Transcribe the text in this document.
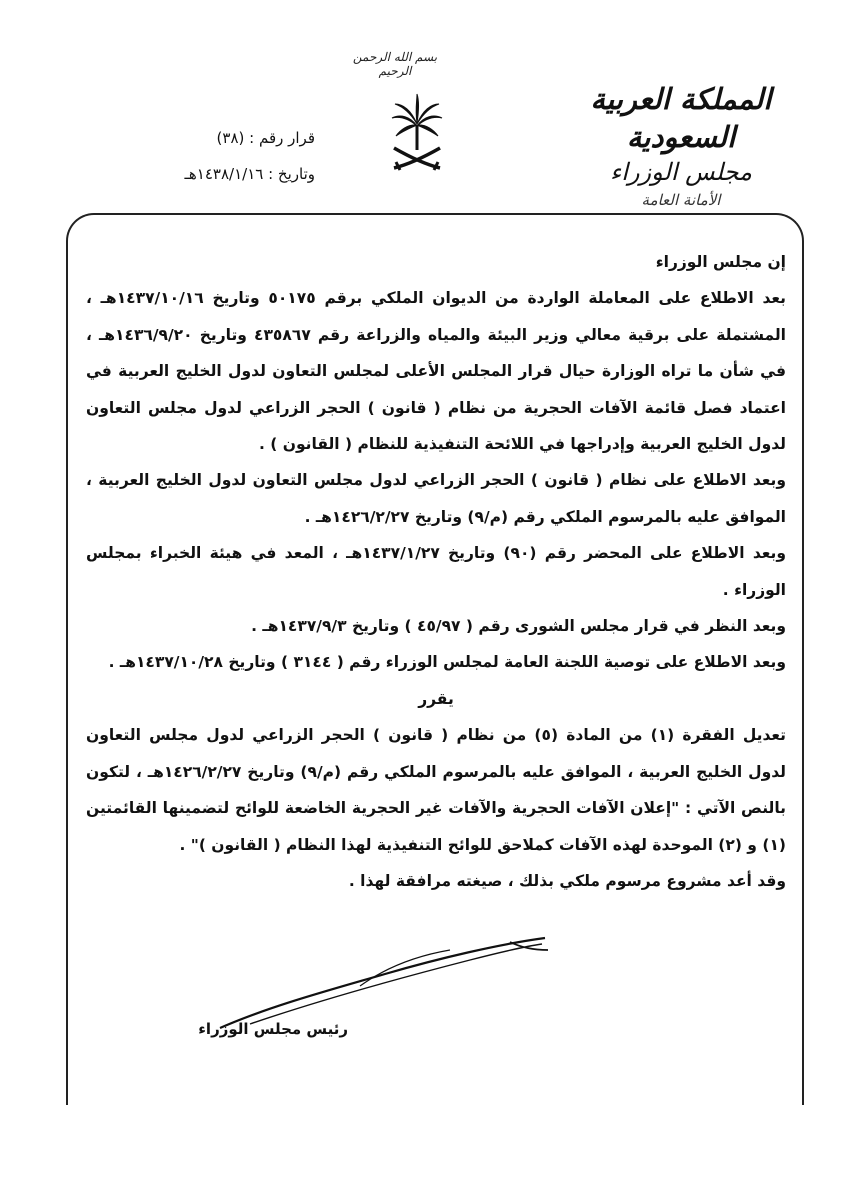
بسم الله الرحمن الرحيم
المملكة العربية السعودية
مجلس الوزراء
الأمانة العامة
قرار رقم : (٣٨)
وتاريخ : ١٤٣٨/١/١٦هـ

إن مجلس الوزراء

بعد الاطلاع على المعاملة الواردة من الديوان الملكي برقم ٥٠١٧٥ وتاريخ ١٤٣٧/١٠/١٦هـ ، المشتملة على برقية معالي وزير البيئة والمياه والزراعة رقم ٤٣٥٨٦٧ وتاريخ ١٤٣٦/٩/٢٠هـ ، في شأن ما تراه الوزارة حيال قرار المجلس الأعلى لمجلس التعاون لدول الخليج العربية في اعتماد فصل قائمة الآفات الحجرية من نظام ( قانون ) الحجر الزراعي لدول مجلس التعاون لدول الخليج العربية وإدراجها في اللائحة التنفيذية للنظام ( القانون ) .

وبعد الاطلاع على نظام ( قانون ) الحجر الزراعي لدول مجلس التعاون لدول الخليج العربية ، الموافق عليه بالمرسوم الملكي رقم (م/٩) وتاريخ ١٤٢٦/٢/٢٧هـ .

وبعد الاطلاع على المحضر رقم (٩٠) وتاريخ ١٤٣٧/١/٢٧هـ ، المعد في هيئة الخبراء بمجلس الوزراء .

وبعد النظر في قرار مجلس الشورى رقم ( ٤٥/٩٧ ) وتاريخ ١٤٣٧/٩/٣هـ .

وبعد الاطلاع على توصية اللجنة العامة لمجلس الوزراء رقم ( ٣١٤٤ ) وتاريخ ١٤٣٧/١٠/٢٨هـ .

يقرر

تعديل الفقرة (١) من المادة (٥) من نظام ( قانون ) الحجر الزراعي لدول مجلس التعاون لدول الخليج العربية ، الموافق عليه بالمرسوم الملكي رقم (م/٩) وتاريخ ١٤٢٦/٢/٢٧هـ ، لتكون بالنص الآتي : "إعلان الآفات الحجرية والآفات غير الحجرية الخاضعة للوائح لتضمينها القائمتين (١) و (٢) الموحدة لهذه الآفات كملاحق للوائح التنفيذية لهذا النظام ( القانون )" .

وقد أعد مشروع مرسوم ملكي بذلك ، صيغته مرافقة لهذا .

رئيس مجلس الوزراء
